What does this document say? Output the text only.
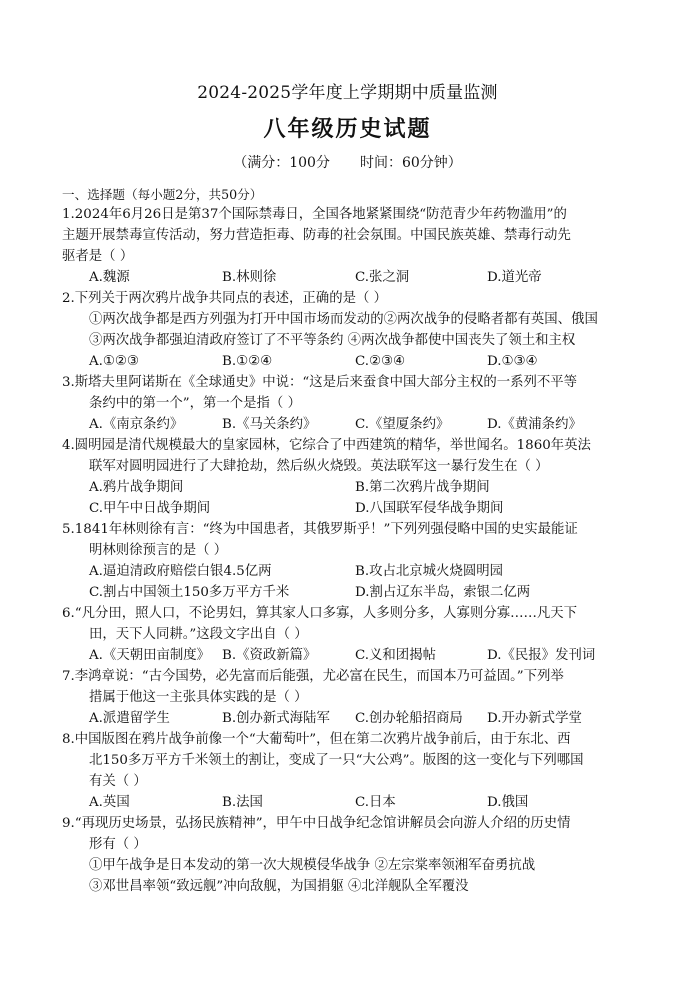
2024-2025学年度上学期期中质量监测
八年级历史试题
（满分：100分 时间：60分钟）
一、选择题（每小题2分，共50分）
1.2024年6月26日是第37个国际禁毒日，全国各地紧紧围绕“防范青少年药物滥用”的
主题开展禁毒宣传活动，努力营造拒毒、防毒的社会氛围。中国民族英雄、禁毒行动先
驱者是（ ）
A.魏源	B.林则徐	C.张之洞	D.道光帝
2.下列关于两次鸦片战争共同点的表述，正确的是（ ）
①两次战争都是西方列强为打开中国市场而发动的②两次战争的侵略者都有英国、俄国
③两次战争都强迫清政府签订了不平等条约 ④两次战争都使中国丧失了领土和主权
A.①②③	B.①②④	C.②③④	D.①③④
3.斯塔夫里阿诺斯在《全球通史》中说：“这是后来蚕食中国大部分主权的一系列不平等
条约中的第一个”，第一个是指（ ）
A.《南京条约》	B.《马关条约》	C.《望厦条约》	D.《黄浦条约》
4.圆明园是清代规模最大的皇家园林，它综合了中西建筑的精华，举世闻名。1860年英法
联军对圆明园进行了大肆抢劫，然后纵火烧毁。英法联军这一暴行发生在（ ）
A.鸦片战争期间	B.第二次鸦片战争期间
C.甲午中日战争期间	D.八国联军侵华战争期间
5.1841年林则徐有言：“终为中国患者，其俄罗斯乎！”下列列强侵略中国的史实最能证
明林则徐预言的是（ ）
A.逼迫清政府赔偿白银4.5亿两	B.攻占北京城火烧圆明园
C.割占中国领土150多万平方千米	D.割占辽东半岛，索银二亿两
6.“凡分田，照人口，不论男妇，算其家人口多寡，人多则分多，人寡则分寡……凡天下
田，天下人同耕。”这段文字出自（ ）
A.《天朝田亩制度》 B.《资政新篇》	C.义和团揭帖	D.《民报》发刊词
7.李鸿章说：“古今国势，必先富而后能强，尤必富在民生，而国本乃可益固。”下列举
措属于他这一主张具体实践的是（ ）
A.派遣留学生	B.创办新式海陆军 C.创办轮船招商局 D.开办新式学堂
8.中国版图在鸦片战争前像一个“大葡萄叶”，但在第二次鸦片战争前后，由于东北、西
北150多万平方千米领土的割让，变成了一只“大公鸡”。版图的这一变化与下列哪国
有关（ ）
A.英国	B.法国	C.日本	D.俄国
9.“再现历史场景，弘扬民族精神”，甲午中日战争纪念馆讲解员会向游人介绍的历史情
形有（ ）
①甲午战争是日本发动的第一次大规模侵华战争 ②左宗棠率领湘军奋勇抗战
③邓世昌率领“致远舰”冲向敌舰，为国捐躯 ④北洋舰队全军覆没
